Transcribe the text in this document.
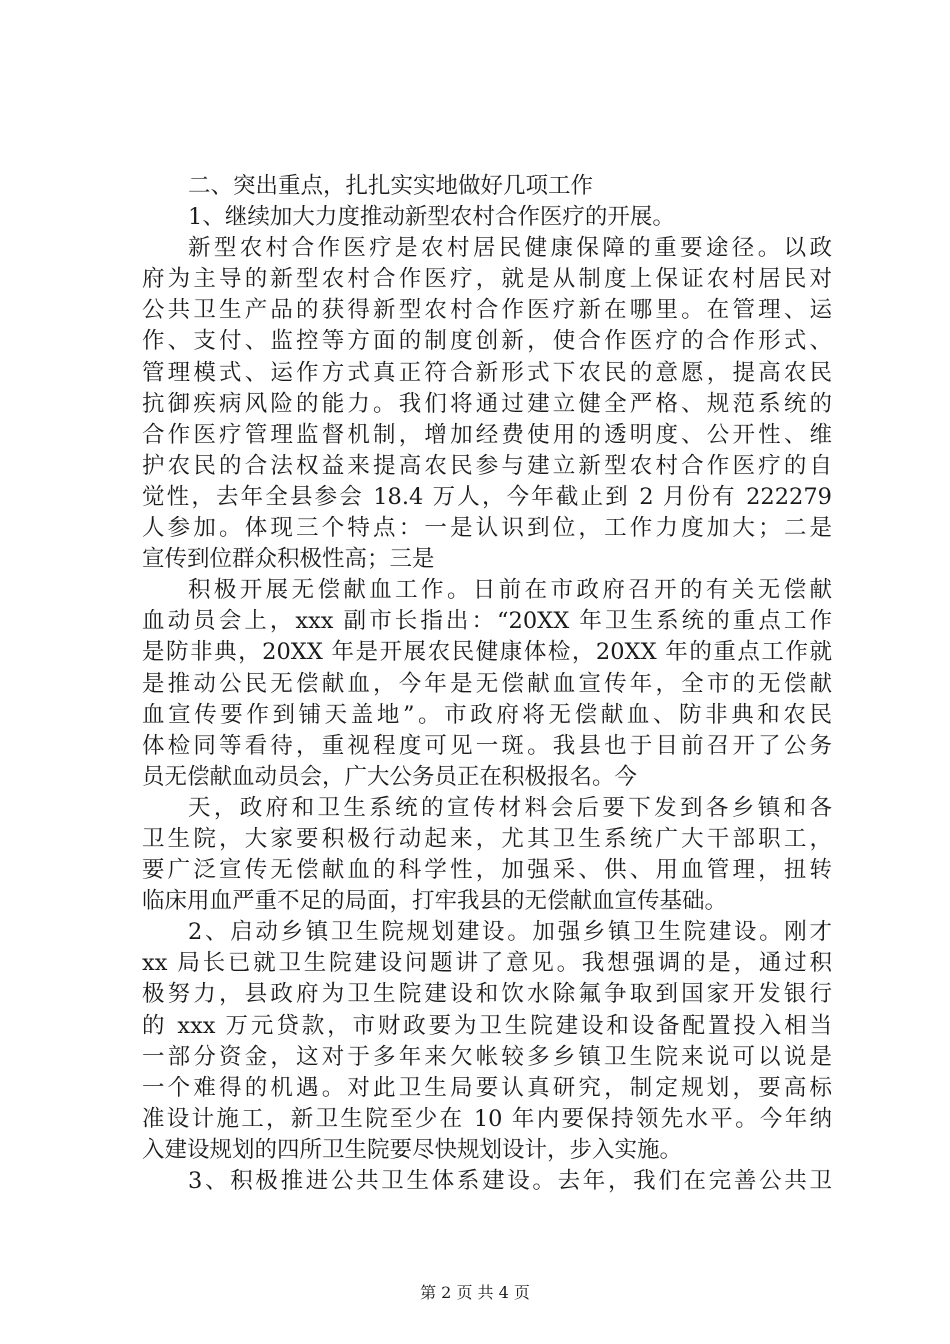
二、突出重点，扎扎实实地做好几项工作
1、继续加大力度推动新型农村合作医疗的开展。
新型农村合作医疗是农村居民健康保障的重要途径。以政
府为主导的新型农村合作医疗，就是从制度上保证农村居民对
公共卫生产品的获得新型农村合作医疗新在哪里。在管理、运
作、支付、监控等方面的制度创新，使合作医疗的合作形式、
管理模式、运作方式真正符合新形式下农民的意愿，提高农民
抗御疾病风险的能力。我们将通过建立健全严格、规范系统的
合作医疗管理监督机制，增加经费使用的透明度、公开性、维
护农民的合法权益来提高农民参与建立新型农村合作医疗的自
觉性，去年全县参会 18.4 万人，今年截止到 2 月份有 222279
人参加。体现三个特点：一是认识到位，工作力度加大；二是
宣传到位群众积极性高；三是
积极开展无偿献血工作。日前在市政府召开的有关无偿献
血动员会上，xxx 副市长指出：“20XX 年卫生系统的重点工作
是防非典，20XX 年是开展农民健康体检，20XX 年的重点工作就
是推动公民无偿献血，今年是无偿献血宣传年，全市的无偿献
血宣传要作到铺天盖地”。市政府将无偿献血、防非典和农民
体检同等看待，重视程度可见一斑。我县也于目前召开了公务
员无偿献血动员会，广大公务员正在积极报名。今
天，政府和卫生系统的宣传材料会后要下发到各乡镇和各
卫生院，大家要积极行动起来，尤其卫生系统广大干部职工，
要广泛宣传无偿献血的科学性，加强采、供、用血管理，扭转
临床用血严重不足的局面，打牢我县的无偿献血宣传基础。
2、启动乡镇卫生院规划建设。加强乡镇卫生院建设。刚才
xx 局长已就卫生院建设问题讲了意见。我想强调的是，通过积
极努力，县政府为卫生院建设和饮水除氟争取到国家开发银行
的 xxx 万元贷款，市财政要为卫生院建设和设备配置投入相当
一部分资金，这对于多年来欠帐较多乡镇卫生院来说可以说是
一个难得的机遇。对此卫生局要认真研究，制定规划，要高标
准设计施工，新卫生院至少在 10 年内要保持领先水平。今年纳
入建设规划的四所卫生院要尽快规划设计，步入实施。
3、积极推进公共卫生体系建设。去年，我们在完善公共卫
第 2 页 共 4 页
